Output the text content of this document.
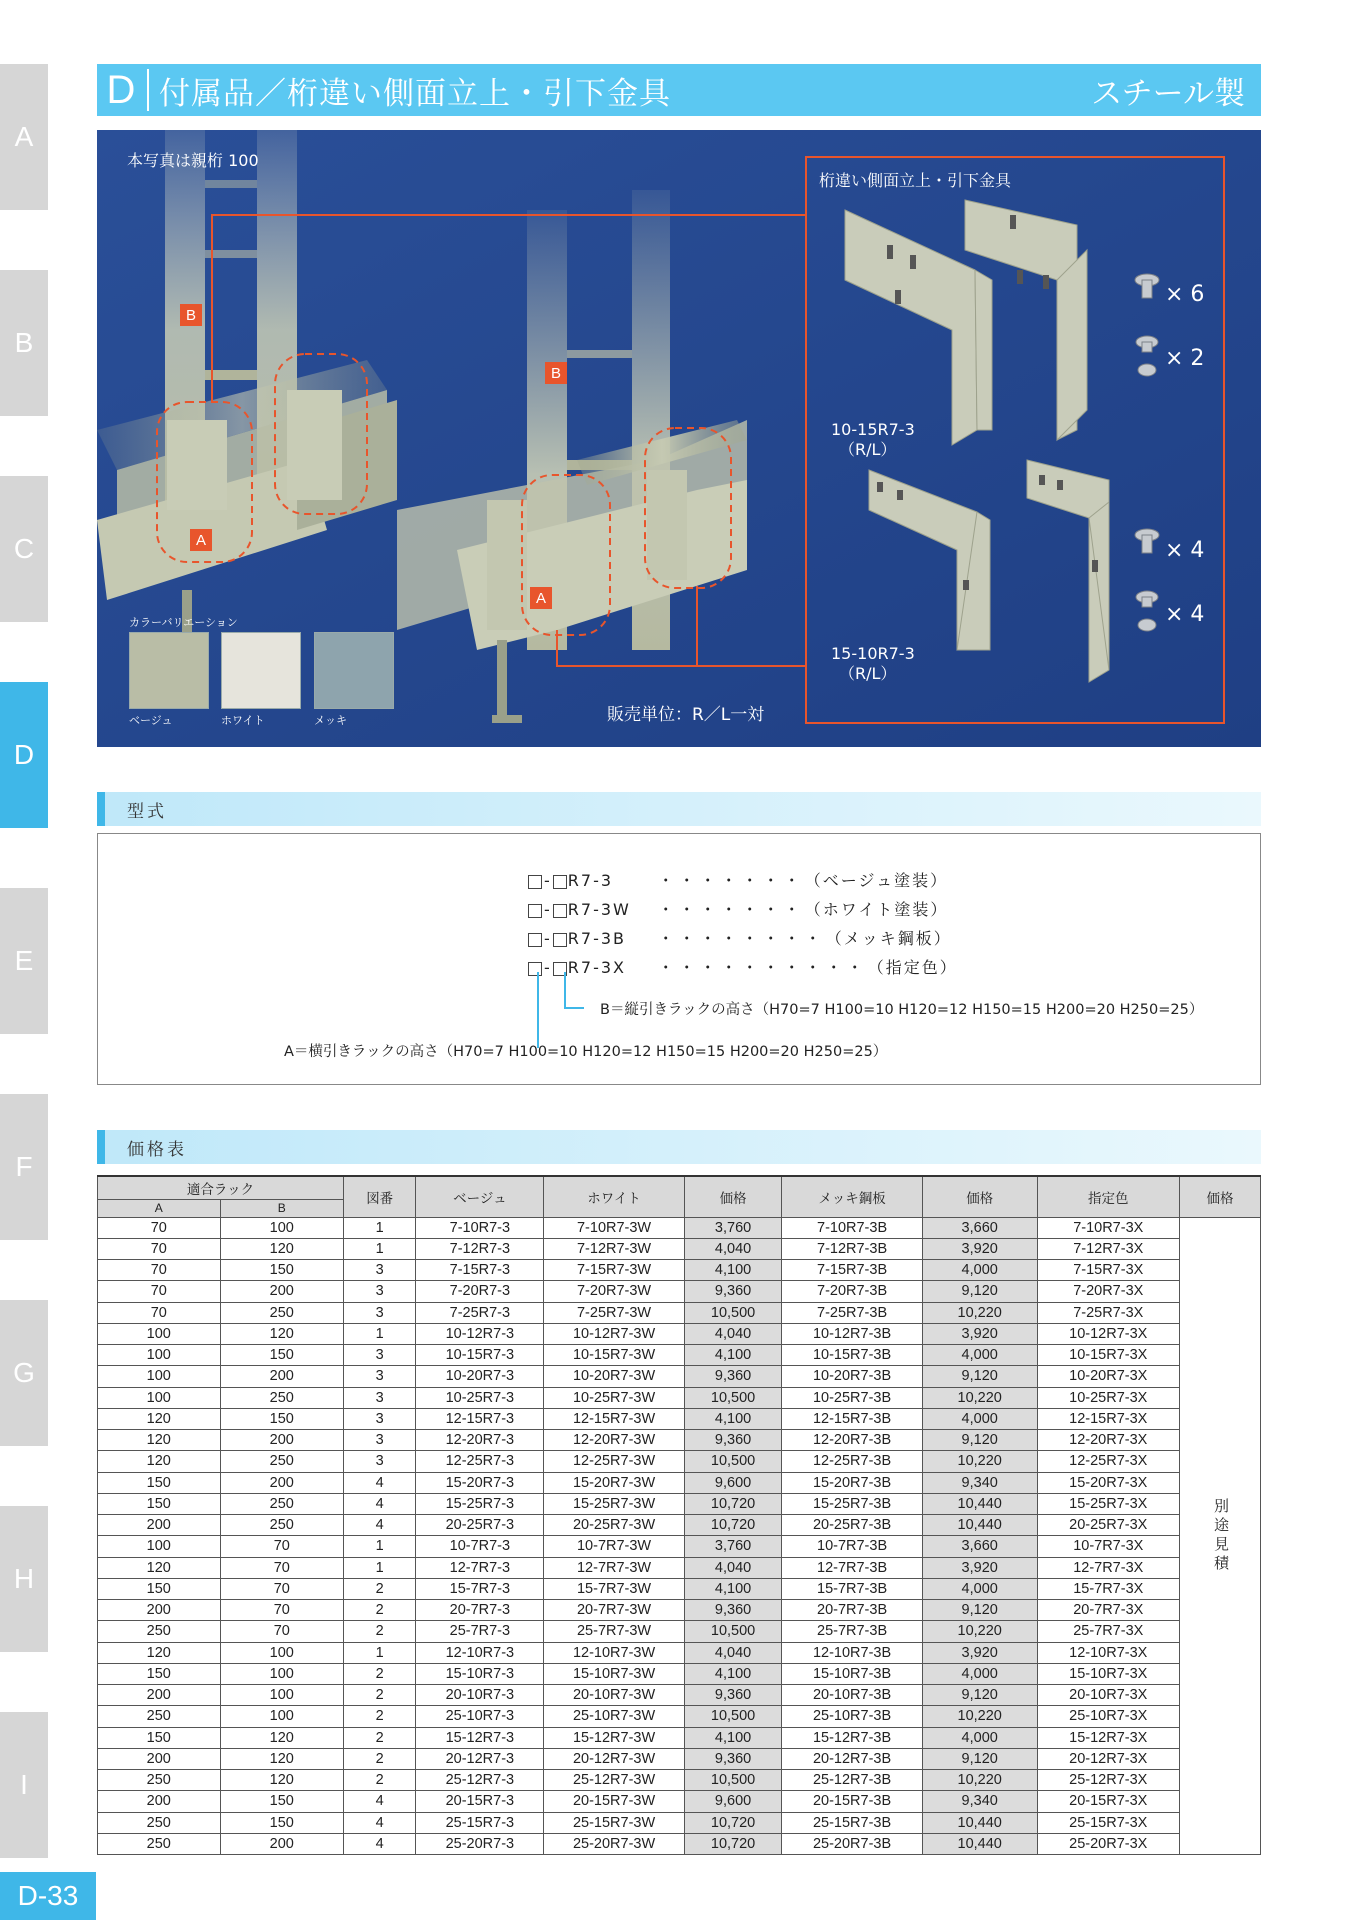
A
B
C
D
E
F
G
H
I
D-33
D 付属品／桁違い側面立上・引下金具	スチール製
本写真は親桁 100
B
A
B
A
カラーバリエーション
ベージュ	ホワイト	メッキ	販売単位：R／L一対
桁違い側面立上・引下金具
10-15R7-3
（R/L）
15-10R7-3
（R/L）
× 6
× 2
× 4
× 4
型式
- R7-3	・・・・・・・（ベージュ塗装）
- R7-3W ・・・・・・・（ホワイト塗装）
- R7-3B ・・・・・・・・（メッキ鋼板）
- R7-3X ・・・・・・・・・・（指定色）
B＝縦引きラックの高さ（H70=7 H100=10 H120=12 H150=15 H200=20 H250=25）
A＝横引きラックの高さ（H70=7 H100=10 H120=12 H150=15 H200=20 H250=25）
価格表
適合ラック		図番	ベージュ	ホワイト	価格	メッキ鋼板	価格	指定色	価格
A	B								
70	100	1	7-10R7-3	7-10R7-3W	3,760	7-10R7-3B	3,660	7-10R7-3X	別途見積
70	120	1	7-12R7-3	7-12R7-3W	4,040	7-12R7-3B	3,920	7-12R7-3X	
70	150	3	7-15R7-3	7-15R7-3W	4,100	7-15R7-3B	4,000	7-15R7-3X	
70	200	3	7-20R7-3	7-20R7-3W	9,360	7-20R7-3B	9,120	7-20R7-3X	
70	250	3	7-25R7-3	7-25R7-3W	10,500	7-25R7-3B	10,220	7-25R7-3X	
100	120	1	10-12R7-3	10-12R7-3W	4,040	10-12R7-3B	3,920	10-12R7-3X	
100	150	3	10-15R7-3	10-15R7-3W	4,100	10-15R7-3B	4,000	10-15R7-3X	
100	200	3	10-20R7-3	10-20R7-3W	9,360	10-20R7-3B	9,120	10-20R7-3X	
100	250	3	10-25R7-3	10-25R7-3W	10,500	10-25R7-3B	10,220	10-25R7-3X	
120	150	3	12-15R7-3	12-15R7-3W	4,100	12-15R7-3B	4,000	12-15R7-3X	
120	200	3	12-20R7-3	12-20R7-3W	9,360	12-20R7-3B	9,120	12-20R7-3X	
120	250	3	12-25R7-3	12-25R7-3W	10,500	12-25R7-3B	10,220	12-25R7-3X	
150	200	4	15-20R7-3	15-20R7-3W	9,600	15-20R7-3B	9,340	15-20R7-3X	
150	250	4	15-25R7-3	15-25R7-3W	10,720	15-25R7-3B	10,440	15-25R7-3X	
200	250	4	20-25R7-3	20-25R7-3W	10,720	20-25R7-3B	10,440	20-25R7-3X	
100	70	1	10-7R7-3	10-7R7-3W	3,760	10-7R7-3B	3,660	10-7R7-3X	
120	70	1	12-7R7-3	12-7R7-3W	4,040	12-7R7-3B	3,920	12-7R7-3X	
150	70	2	15-7R7-3	15-7R7-3W	4,100	15-7R7-3B	4,000	15-7R7-3X	
200	70	2	20-7R7-3	20-7R7-3W	9,360	20-7R7-3B	9,120	20-7R7-3X	
250	70	2	25-7R7-3	25-7R7-3W	10,500	25-7R7-3B	10,220	25-7R7-3X	
120	100	1	12-10R7-3	12-10R7-3W	4,040	12-10R7-3B	3,920	12-10R7-3X	
150	100	2	15-10R7-3	15-10R7-3W	4,100	15-10R7-3B	4,000	15-10R7-3X	
200	100	2	20-10R7-3	20-10R7-3W	9,360	20-10R7-3B	9,120	20-10R7-3X	
250	100	2	25-10R7-3	25-10R7-3W	10,500	25-10R7-3B	10,220	25-10R7-3X	
150	120	2	15-12R7-3	15-12R7-3W	4,100	15-12R7-3B	4,000	15-12R7-3X	
200	120	2	20-12R7-3	20-12R7-3W	9,360	20-12R7-3B	9,120	20-12R7-3X	
250	120	2	25-12R7-3	25-12R7-3W	10,500	25-12R7-3B	10,220	25-12R7-3X	
200	150	4	20-15R7-3	20-15R7-3W	9,600	20-15R7-3B	9,340	20-15R7-3X	
250	150	4	25-15R7-3	25-15R7-3W	10,720	25-15R7-3B	10,440	25-15R7-3X	
250	200	4	25-20R7-3	25-20R7-3W	10,720	25-20R7-3B	10,440	25-20R7-3X	
